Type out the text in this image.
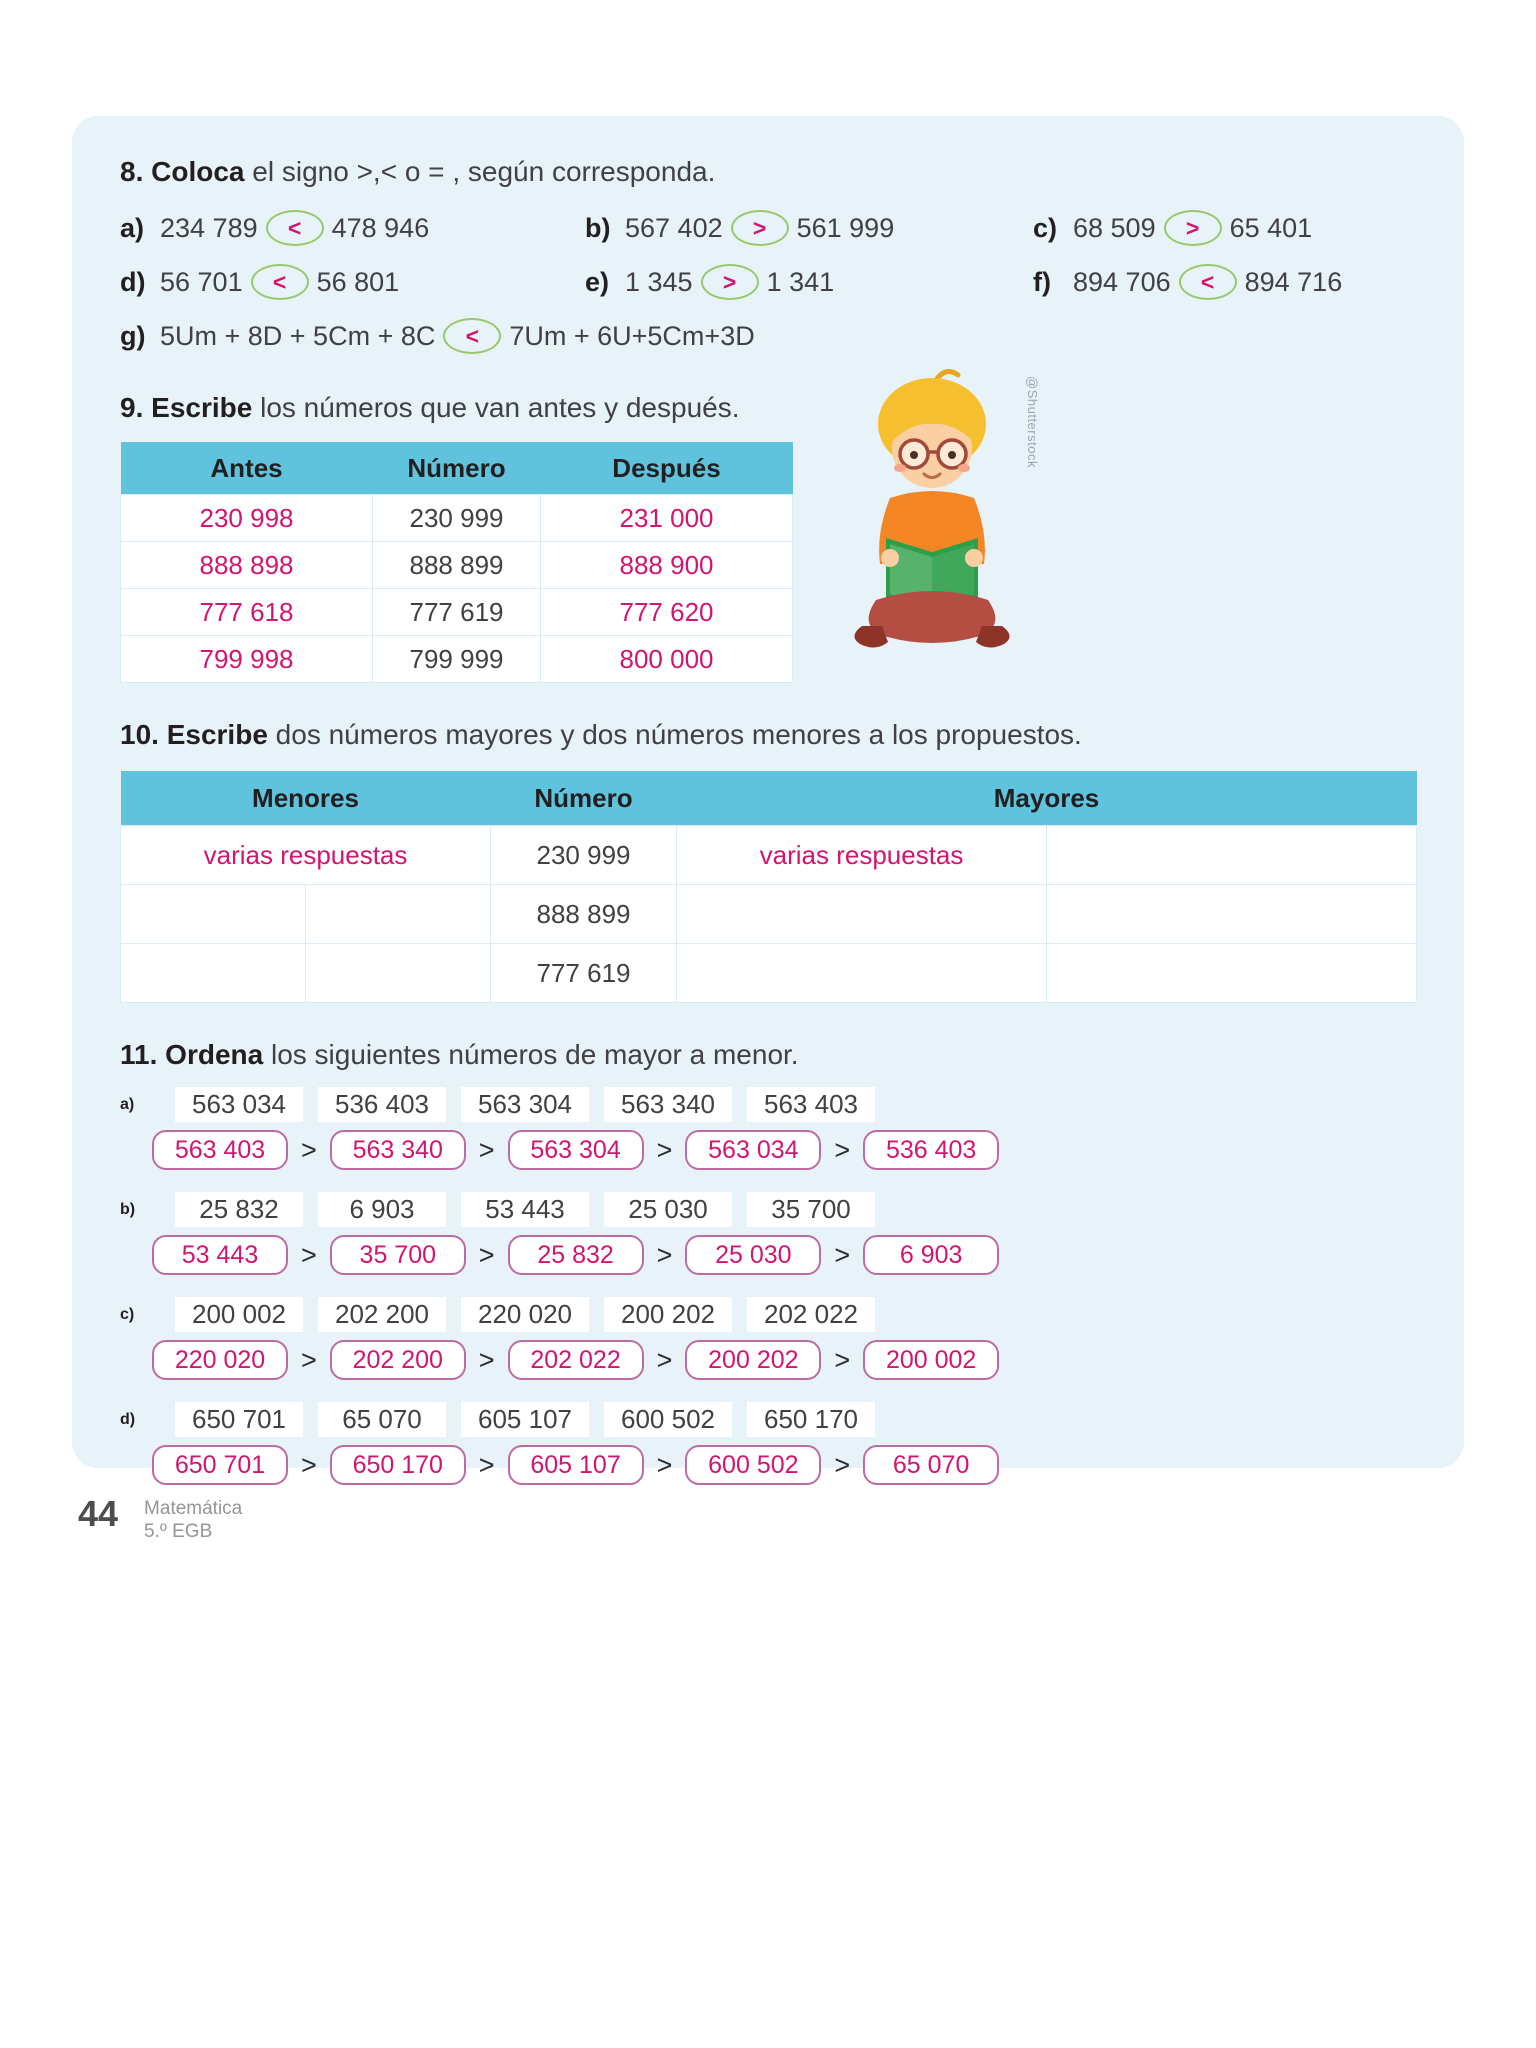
8. Coloca el signo >,< o = , según corresponda.

a) 234 789 < 478 946	b) 567 402 > 561 999	c) 68 509 > 65 401
d) 56 701 < 56 801	e) 1 345 > 1 341	f) 894 706 < 894 716
g) 5Um + 8D + 5Cm + 8C < 7Um + 6U+5Cm+3D

9. Escribe los números que van antes y después.

Antes	Número	Después
230 998	230 999	231 000
888 898	888 899	888 900
777 618	777 619	777 620
799 998	799 999	800 000
@Shutterstock

10. Escribe dos números mayores y dos números menores a los propuestos.

Menores		Número	Mayores	
varias respuestas		230 999	varias respuestas	
		888 899		
		777 619		

11. Ordena los siguientes números de mayor a menor.

a)	563 034	536 403	563 304	563 340	563 403
563 403	>	563 340	>	563 304	>	563 034	>	536 403
b)	25 832	6 903	53 443	25 030	35 700
53 443	>	35 700	>	25 832	>	25 030	>	6 903
c)	200 002	202 200	220 020	200 202	202 022
220 020	>	202 200	>	202 022	>	200 202	>	200 002
d)	650 701	65 070	605 107	600 502	650 170
650 701	>	650 170	>	605 107	>	600 502	>	65 070
44 Matemática
5.º EGB
